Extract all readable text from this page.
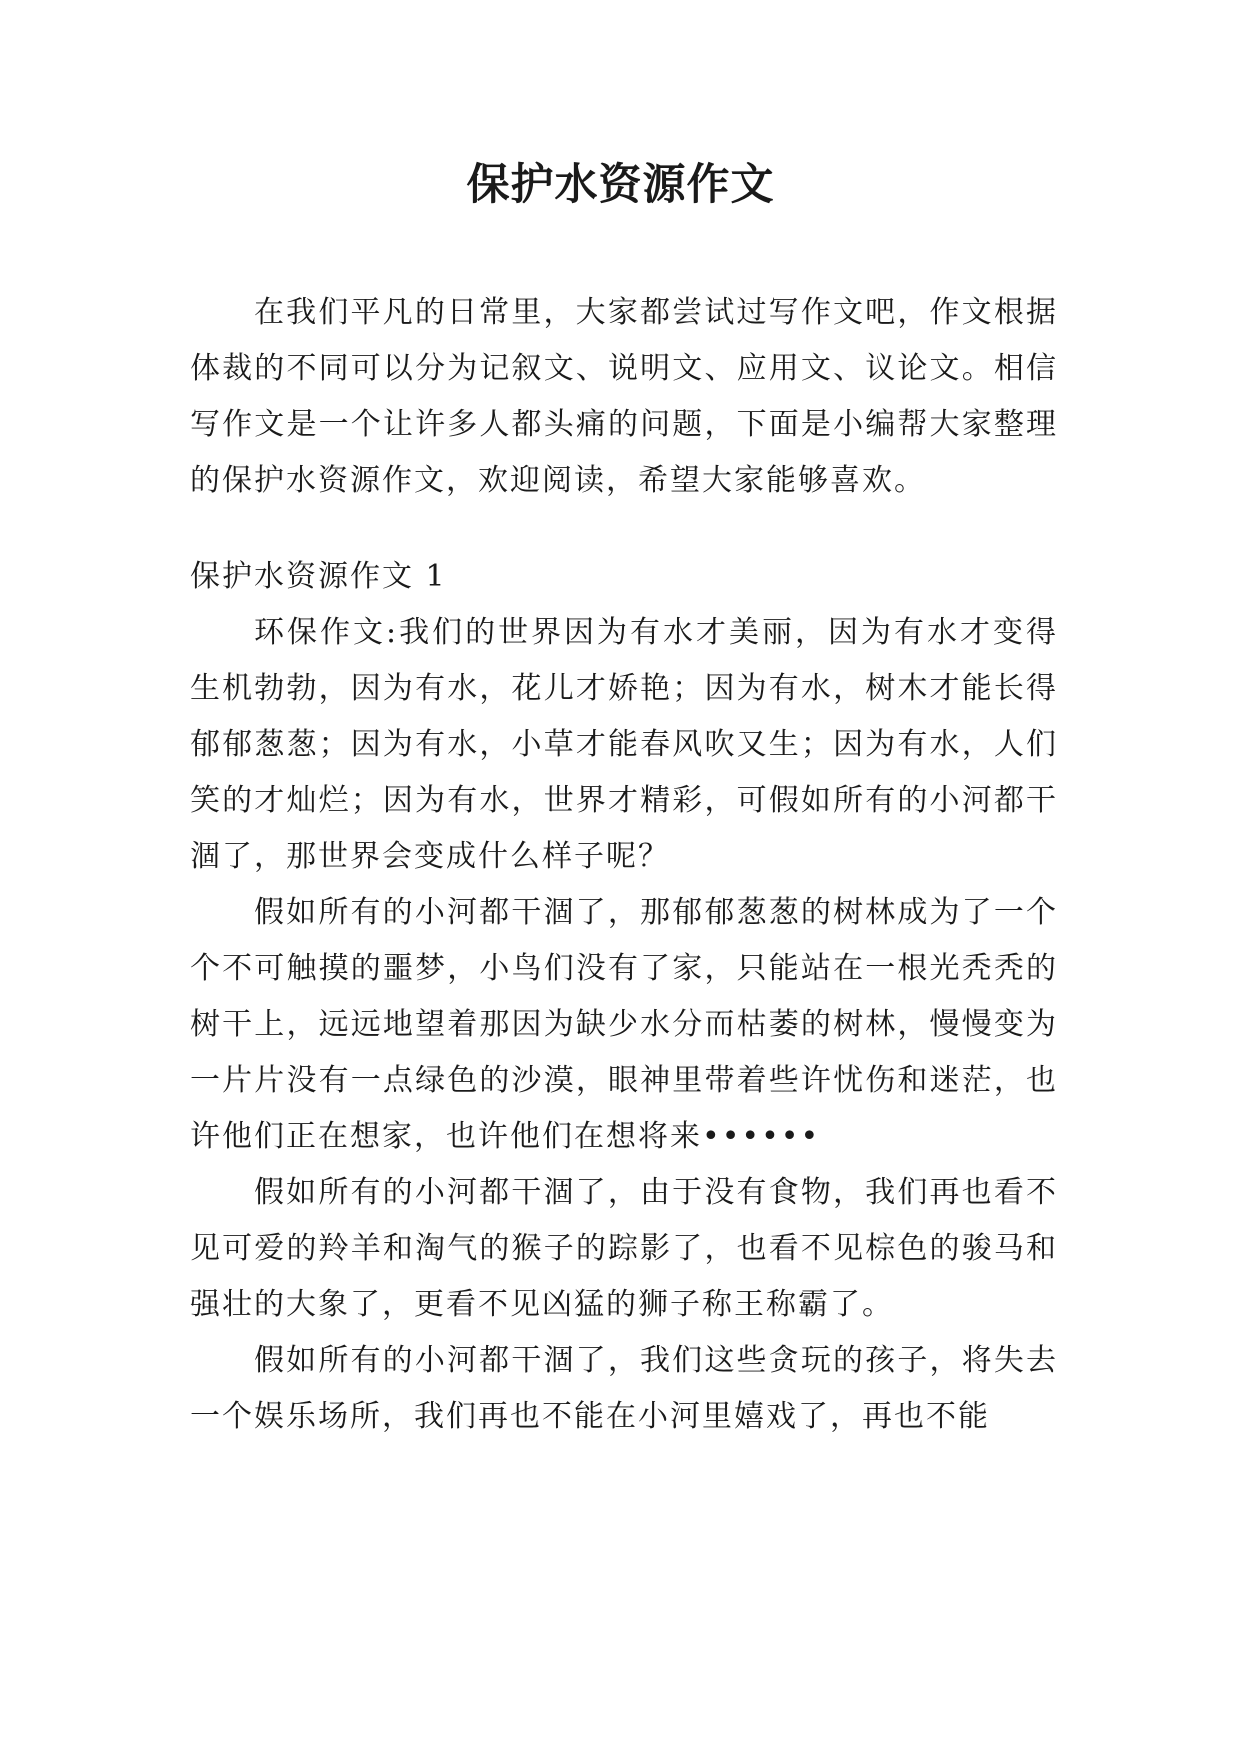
保护水资源作文

在我们平凡的日常里，大家都尝试过写作文吧，作文根据体裁的不同可以分为记叙文、说明文、应用文、议论文。相信写作文是一个让许多人都头痛的问题，下面是小编帮大家整理的保护水资源作文，欢迎阅读，希望大家能够喜欢。

保护水资源作文 1

环保作文:我们的世界因为有水才美丽，因为有水才变得生机勃勃，因为有水，花儿才娇艳；因为有水，树木才能长得郁郁葱葱；因为有水，小草才能春风吹又生；因为有水，人们笑的才灿烂；因为有水，世界才精彩，可假如所有的小河都干涸了，那世界会变成什么样子呢？

假如所有的小河都干涸了，那郁郁葱葱的树林成为了一个个不可触摸的噩梦，小鸟们没有了家，只能站在一根光秃秃的树干上，远远地望着那因为缺少水分而枯萎的树林，慢慢变为一片片没有一点绿色的沙漠，眼神里带着些许忧伤和迷茫，也许他们正在想家，也许他们在想将来••••••

假如所有的小河都干涸了，由于没有食物，我们再也看不见可爱的羚羊和淘气的猴子的踪影了，也看不见棕色的骏马和强壮的大象了，更看不见凶猛的狮子称王称霸了。

假如所有的小河都干涸了，我们这些贪玩的孩子，将失去一个娱乐场所，我们再也不能在小河里嬉戏了，再也不能
